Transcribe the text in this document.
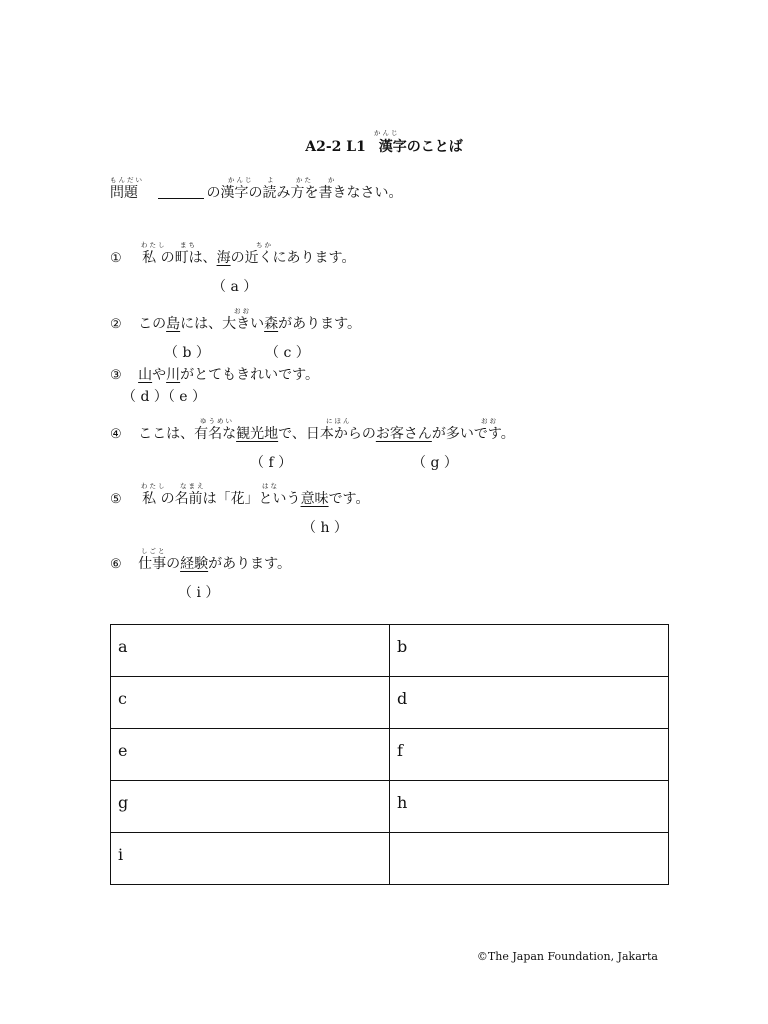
かんじ
A2-2 L1 漢字のことば
もんだい	かんじ よ	かた か
問題	の漢字の読み方を書きなさい。
わたし まち	ちか
① 私 の町は、海の近くにあります。
（ a ）
おお
② この島には、大きい森があります。
（ b ）	（ c ）
③ 山や川がとてもきれいです。
（ d ）（ e ）
ゆうめい	にほん	おお
④ ここは、有名な観光地で、日本からのお客さんが多いです。
（ f ）	（ g ）
わたし なまえ	はな
⑤ 私 の名前は「花」という意味です。
（ h ）
しごと
⑥ 仕事の経験があります。
（ i ）
a	b
c	d
e	f
g	h
i	
©The Japan Foundation, Jakarta
